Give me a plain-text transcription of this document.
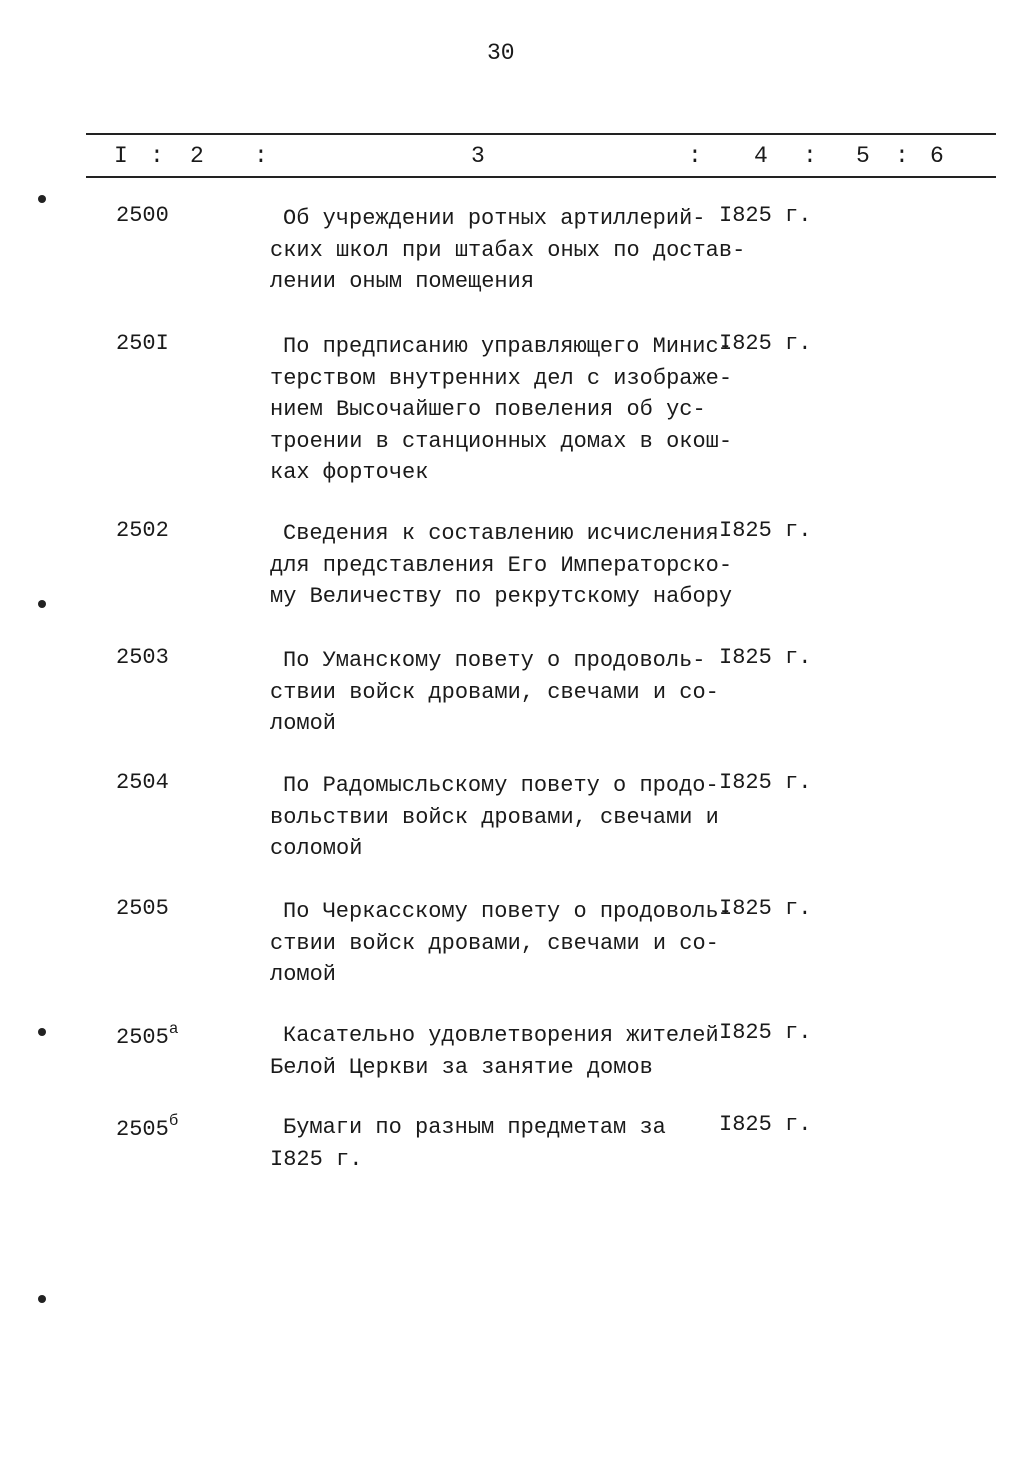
30
I : 2 :	3	: 4 : 5 : 6
2500	Об учреждении ротных артиллерий-
ских школ при штабах оных по достав-
лении оным помещения
I825 г.
250I	По предписанию управляющего Минис-
терством внутренних дел с изображе-
нием Высочайшего повеления об ус-
троении в станционных домах в окош-
ках форточек
I825 г.
2502	Сведения к составлению исчисления
для представления Его Императорско-
му Величеству по рекрутскому набору
I825 г.
2503	По Уманскому повету о продоволь-
ствии войск дровами, свечами и со-
ломой
I825 г.
2504	По Радомысльскому повету о продо-
вольствии войск дровами, свечами и
соломой
I825 г.
2505	По Черкасскому повету о продоволь-
ствии войск дровами, свечами и со-
ломой
I825 г.
$2505^а$	Касательно удовлетворения жителей
Белой Церкви за занятие домов
I825 г.
$2505^б$	Бумаги по разным предметам за
I825 г.
I825 г.
